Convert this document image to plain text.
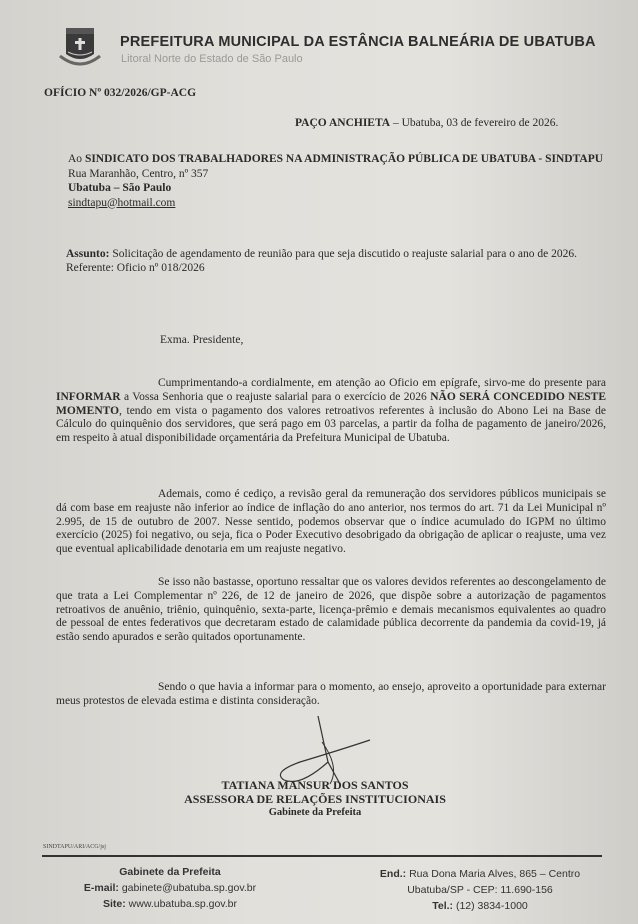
PREFEITURA MUNICIPAL DA ESTÂNCIA BALNEÁRIA DE UBATUBA
Litoral Norte do Estado de São Paulo
OFÍCIO Nº 032/2026/GP-ACG
PAÇO ANCHIETA – Ubatuba, 03 de fevereiro de 2026.
Ao SINDICATO DOS TRABALHADORES NA ADMINISTRAÇÃO PÚBLICA DE UBATUBA - SINDTAPU
Rua Maranhão, Centro, nº 357
Ubatuba – São Paulo
sindtapu@hotmail.com
Assunto: Solicitação de agendamento de reunião para que seja discutido o reajuste salarial para o ano de 2026.
Referente: Oficio nº 018/2026
Exma. Presidente,
Cumprimentando-a cordialmente, em atenção ao Oficio em epígrafe, sirvo-me do presente para INFORMAR a Vossa Senhoria que o reajuste salarial para o exercício de 2026 NÃO SERÁ CONCEDIDO NESTE MOMENTO, tendo em vista o pagamento dos valores retroativos referentes à inclusão do Abono Lei na Base de Cálculo do quinquênio dos servidores, que será pago em 03 parcelas, a partir da folha de pagamento de janeiro/2026, em respeito à atual disponibilidade orçamentária da Prefeitura Municipal de Ubatuba.
Ademais, como é cediço, a revisão geral da remuneração dos servidores públicos municipais se dá com base em reajuste não inferior ao índice de inflação do ano anterior, nos termos do art. 71 da Lei Municipal nº 2.995, de 15 de outubro de 2007. Nesse sentido, podemos observar que o índice acumulado do IGPM no último exercício (2025) foi negativo, ou seja, fica o Poder Executivo desobrigado da obrigação de aplicar o reajuste, uma vez que eventual aplicabilidade denotaria em um reajuste negativo.
Se isso não bastasse, oportuno ressaltar que os valores devidos referentes ao descongelamento de que trata a Lei Complementar nº 226, de 12 de janeiro de 2026, que dispõe sobre a autorização de pagamentos retroativos de anuênio, triênio, quinquênio, sexta-parte, licença-prêmio e demais mecanismos equivalentes ao quadro de pessoal de entes federativos que decretaram estado de calamidade pública decorrente da pandemia da covid-19, já estão sendo apurados e serão quitados oportunamente.
Sendo o que havia a informar para o momento, ao ensejo, aproveito a oportunidade para externar meus protestos de elevada estima e distinta consideração.
TATIANA MANSUR DOS SANTOS
ASSESSORA DE RELAÇÕES INSTITUCIONAIS
Gabinete da Prefeita
SINDTAPU/ARI/ACG/jsj
Gabinete da Prefeita
E-mail: gabinete@ubatuba.sp.gov.br
Site: www.ubatuba.sp.gov.br
End.: Rua Dona Maria Alves, 865 – Centro
Ubatuba/SP - CEP: 11.690-156
Tel.: (12) 3834-1000
